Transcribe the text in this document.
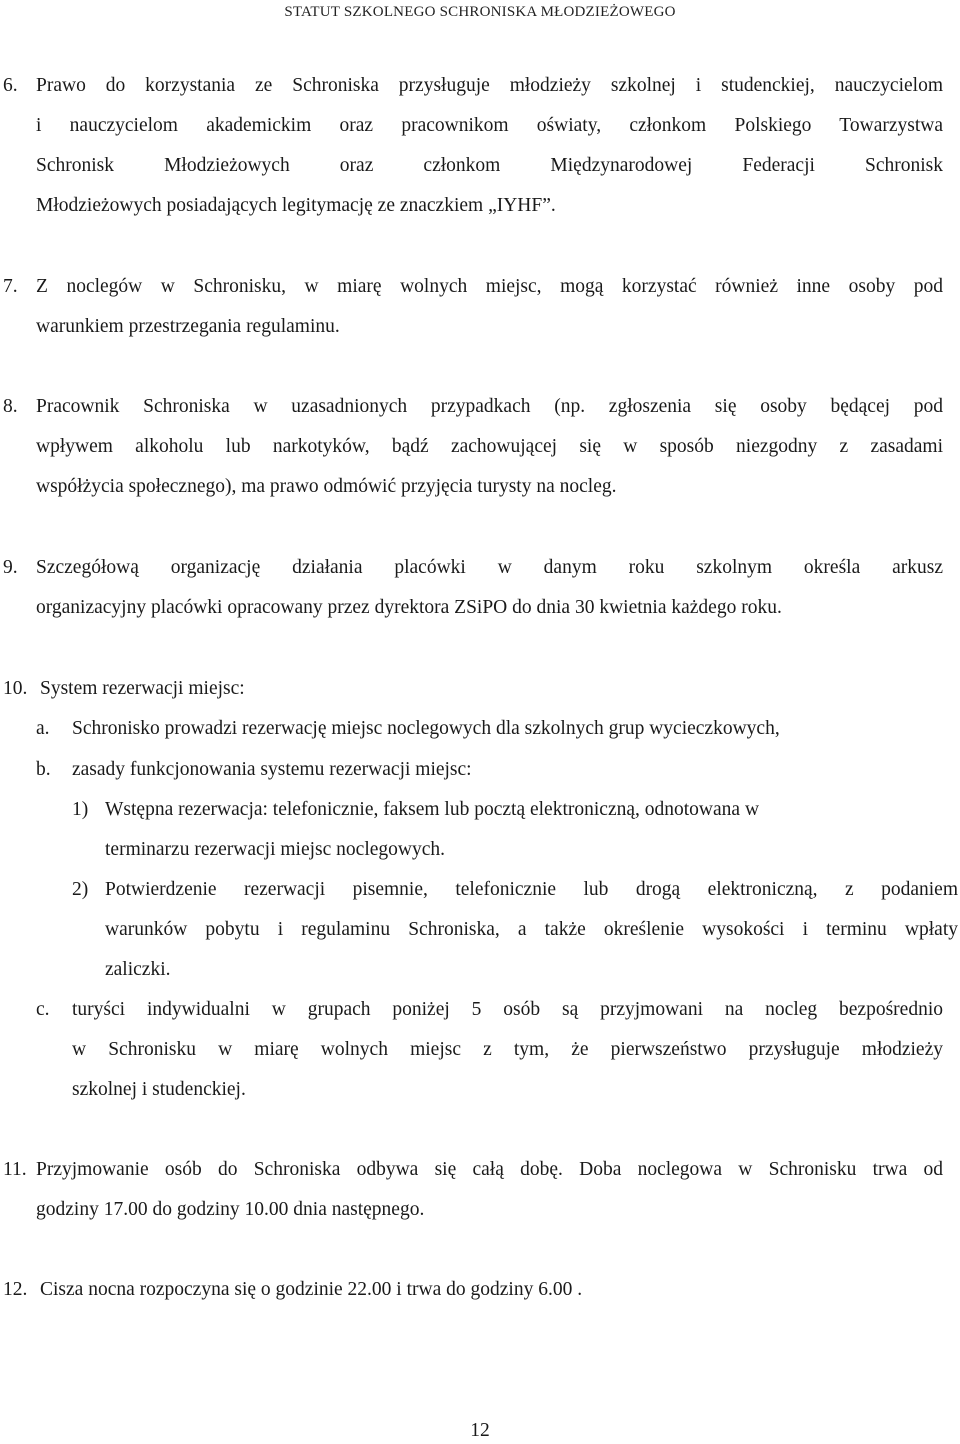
STATUT SZKOLNEGO SCHRONISKA MŁODZIEŻOWEGO
6. Prawo do korzystania ze Schroniska przysługuje młodzieży szkolnej i studenckiej, nauczycielom
i nauczycielom akademickim oraz pracownikom oświaty, członkom Polskiego Towarzystwa
Schronisk Młodzieżowych oraz członkom Międzynarodowej Federacji Schronisk
Młodzieżowych posiadających legitymację ze znaczkiem „IYHF”.
7. Z noclegów w Schronisku, w miarę wolnych miejsc, mogą korzystać również inne osoby pod
warunkiem przestrzegania regulaminu.
8. Pracownik Schroniska w uzasadnionych przypadkach (np. zgłoszenia się osoby będącej pod
wpływem alkoholu lub narkotyków, bądź zachowującej się w sposób niezgodny z zasadami
współżycia społecznego), ma prawo odmówić przyjęcia turysty na nocleg.
9. Szczegółową organizację działania placówki w danym roku szkolnym określa arkusz
organizacyjny placówki opracowany przez dyrektora ZSiPO do dnia 30 kwietnia każdego roku.
10. System rezerwacji miejsc:
a. Schronisko prowadzi rezerwację miejsc noclegowych dla szkolnych grup wycieczkowych,
b. zasady funkcjonowania systemu rezerwacji miejsc:
1) Wstępna rezerwacja: telefonicznie, faksem lub pocztą elektroniczną, odnotowana w
terminarzu rezerwacji miejsc noclegowych.
2) Potwierdzenie rezerwacji pisemnie, telefonicznie lub drogą elektroniczną, z podaniem
warunków pobytu i regulaminu Schroniska, a także określenie wysokości i terminu wpłaty
zaliczki.
c. turyści indywidualni w grupach poniżej 5 osób są przyjmowani na nocleg bezpośrednio
w Schronisku w miarę wolnych miejsc z tym, że pierwszeństwo przysługuje młodzieży
szkolnej i studenckiej.
11. Przyjmowanie osób do Schroniska odbywa się całą dobę. Doba noclegowa w Schronisku trwa od
godziny 17.00 do godziny 10.00 dnia następnego.
12. Cisza nocna rozpoczyna się o godzinie 22.00 i trwa do godziny 6.00 .
12
